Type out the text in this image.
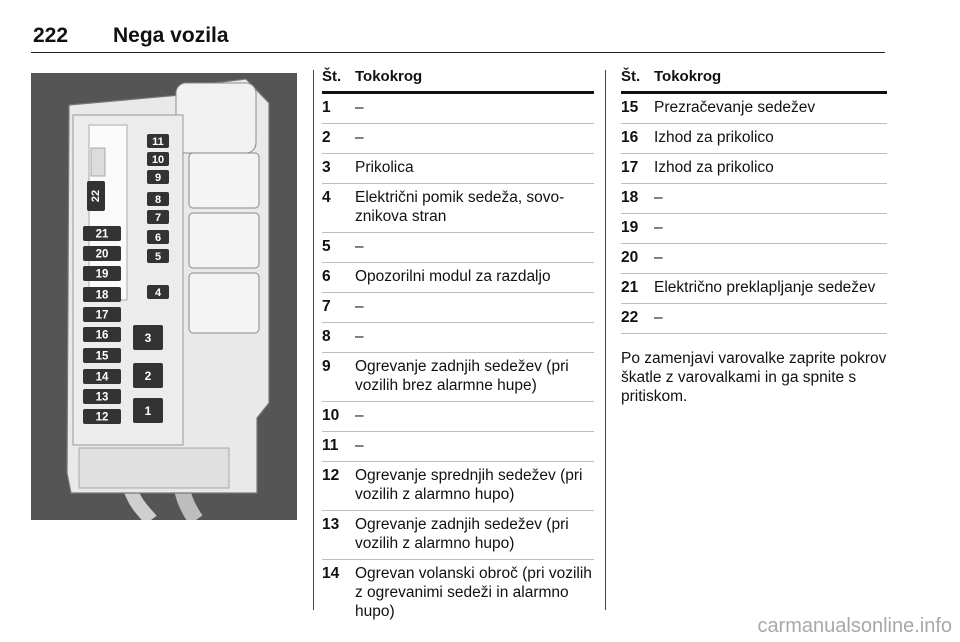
222 Nega vozila
22
21
20
19
18
17
16
15
14
13
12
11
10
9
8
7
6
5
4
3
2
1
Št. Tokokrog
1 –
2 –
3 Prikolica
4 Električni pomik sedeža, sovo-znikova stran
5 –
6 Opozorilni modul za razdaljo
7 –
8 –
9 Ogrevanje zadnjih sedežev (pri vozilih brez alarmne hupe)
10 –
11 –
12 Ogrevanje sprednjih sedežev (pri vozilih z alarmno hupo)
13 Ogrevanje zadnjih sedežev (pri vozilih z alarmno hupo)
14 Ogrevan volanski obroč (pri vozilih z ogrevanimi sedeži in alarmno hupo)
Št. Tokokrog
15 Prezračevanje sedežev
16 Izhod za prikolico
17 Izhod za prikolico
18 –
19 –
20 –
21 Električno preklapljanje sedežev
22 –
Po zamenjavi varovalke zaprite pokrov škatle z varovalkami in ga spnite s pritiskom.
carmanualsonline.info
